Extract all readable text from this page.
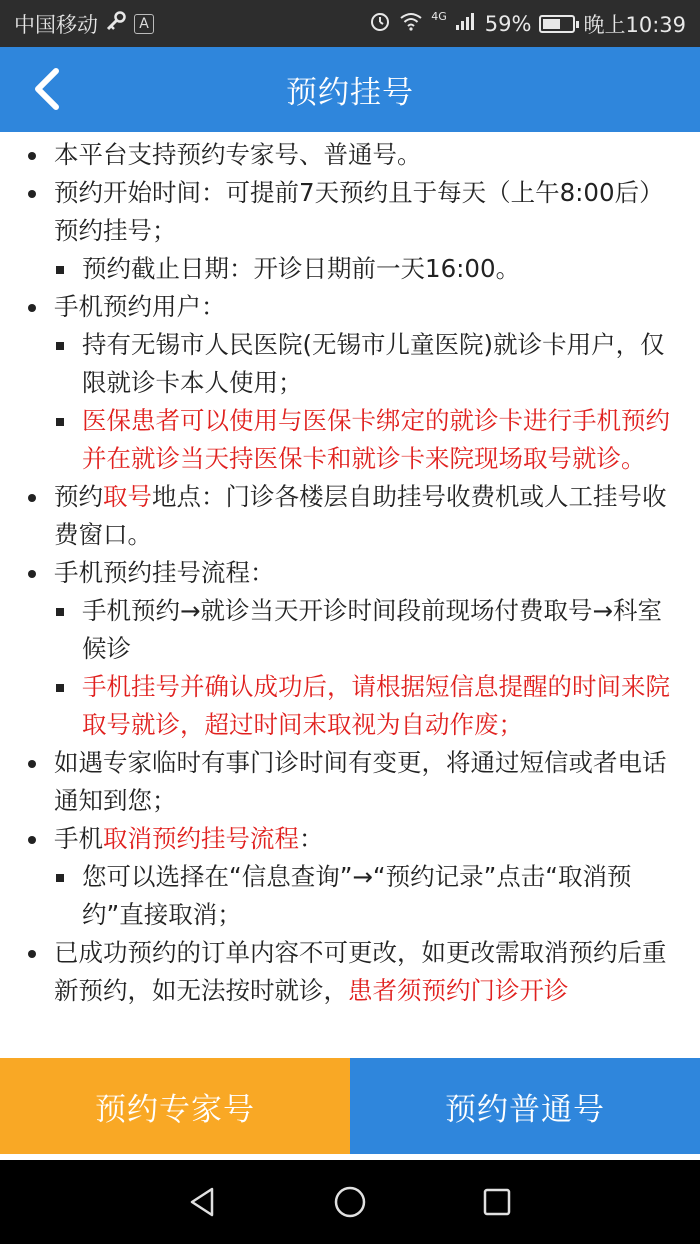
中国移动	A	4G 59% 晚上10:39
预约挂号
本平台支持预约专家号、普通号。
预约开始时间：可提前7天预约且于每天（上午8:00后）预约挂号；
预约截止日期：开诊日期前一天16:00。
手机预约用户：
持有无锡市人民医院(无锡市儿童医院)就诊卡用户，仅限就诊卡本人使用；
医保患者可以使用与医保卡绑定的就诊卡进行手机预约并在就诊当天持医保卡和就诊卡来院现场取号就诊。
预约取号地点：门诊各楼层自助挂号收费机或人工挂号收费窗口。
手机预约挂号流程：
手机预约→就诊当天开诊时间段前现场付费取号→科室候诊
手机挂号并确认成功后，请根据短信息提醒的时间来院取号就诊，超过时间末取视为自动作废；
如遇专家临时有事门诊时间有变更，将通过短信或者电话通知到您；
手机取消预约挂号流程：
您可以选择在“信息查询”→“预约记录”点击“取消预约”直接取消；
已成功预约的订单内容不可更改，如更改需取消预约后重新预约，如无法按时就诊，患者须预约门诊开诊
预约专家号	预约普通号
